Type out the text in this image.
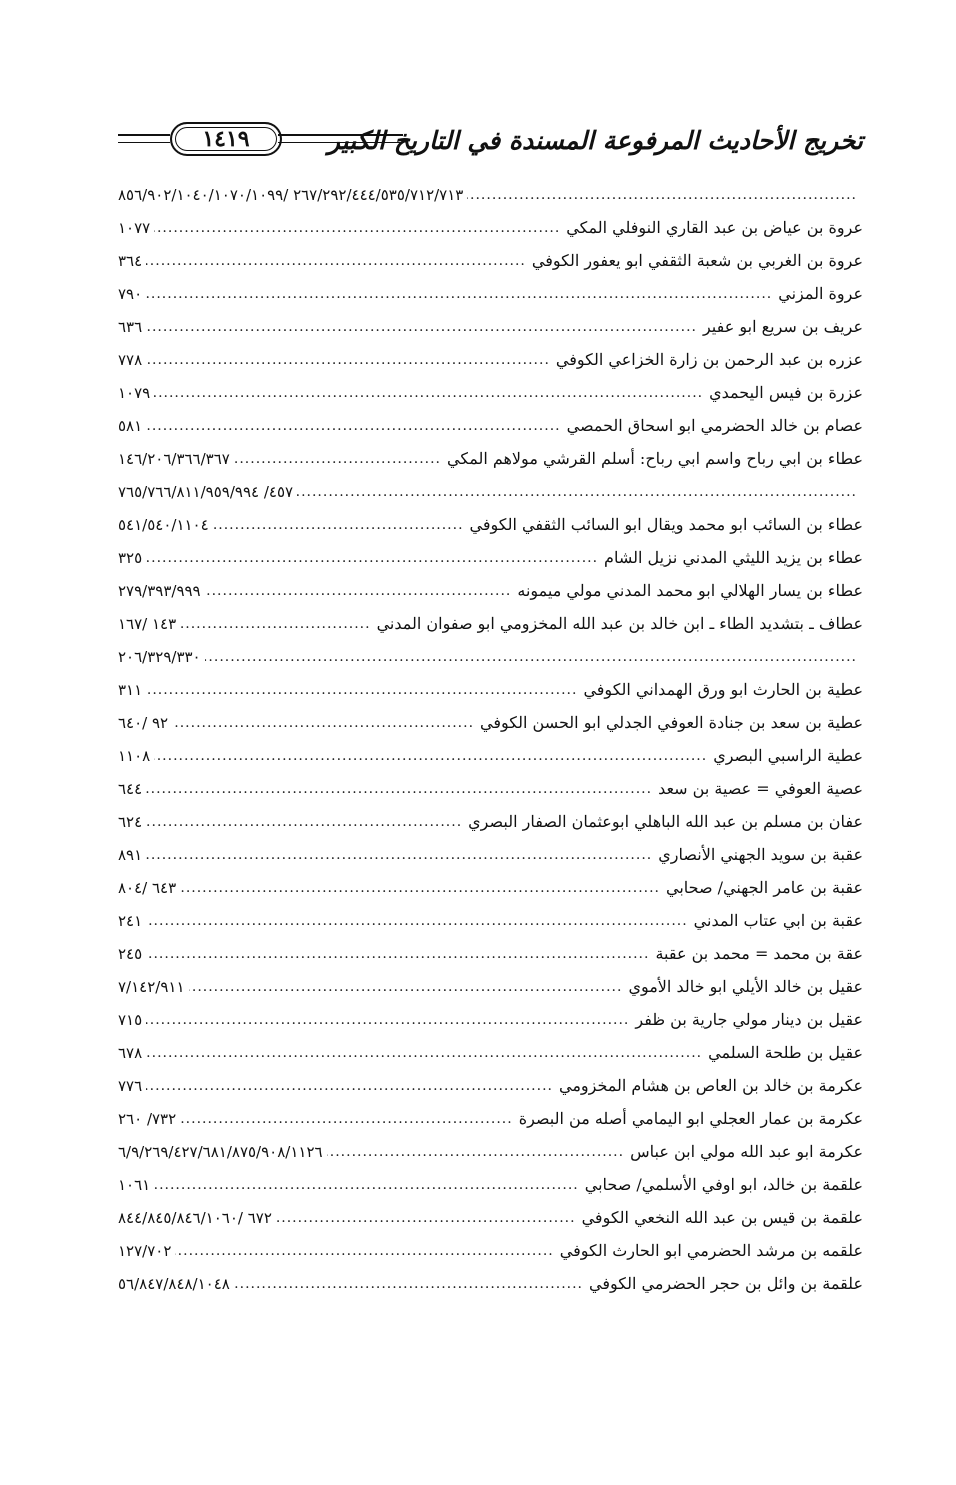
١٤١٩	تخريج الأحاديث المرفوعة المسندة في التاريخ الكبير
.....
٢٦٧/٢٩٢/٤٤٤/٥٣٥/٧١٢/٧١٣ /٨٥٦/٩٠٢/١٠٤٠/١٠٧٠/١٠٩٩
عروة بن عياض بن عبد القاري النوفلي المكي
.....
١٠٧٧
عروة بن الغربي بن شعبة الثقفي ابو يعفور الكوفي
.....
٣٦٤
عروة المزني
.....
٧٩٠
عريف بن سريع ابو عفير
.....
٦٣٦
عزره بن عبد الرحمن بن زارة الخزاعي الكوفي
.....
٧٧٨
عزرة بن فيس اليحمدي
.....
١٠٧٩
عصام بن خالد الحضرمي ابو اسحاق الحمصي
.....
٥٨١
عطاء بن ابي رباح واسم ابي رباح: أسلم القرشي مولاهم المكي
.....
١٤٦/٢٠٦/٣٦٦/٣٦٧
.....
٤٥٧/ ٧٦٥/٧٦٦/٨١١/٩٥٩/٩٩٤
عطاء بن السائب ابو محمد ويقال ابو السائب الثقفي الكوفي
.....
٥٤١/٥٤٠/١١٠٤
عطاء بن يزيد الليثي المدني نزيل الشام
.....
٣٢٥
عطاء بن يسار الهلالي ابو محمد المدني مولي ميمونه
.....
٢٧٩/٣٩٣/٩٩٩
عطاف ـ بتشديد الطاء ـ ابن خالد بن عبد الله المخزومي ابو صفوان المدني
.....
١٤٣ /١٦٧
.....
٢٠٦/٣٢٩/٣٣٠
عطية بن الحارث ابو ورق الهمداني الكوفي
.....
٣١١
عطية بن سعد بن جنادة العوفي الجدلي ابو الحسن الكوفي
.....
٩٢ /٦٤٠
عطية الراسبي البصري
.....
١١٠٨
عصية العوفي = عصية بن سعد
.....
٦٤٤
عفان بن مسلم بن عبد الله الباهلي ابوعثمان الصفار البصري
.....
٦٢٤
عقبة بن سويد الجهني الأنصاري
.....
٨٩١
عقبة بن عامر الجهني/ صحابي
.....
٦٤٣ /٨٠٤
عقبة بن ابي عتاب المدني
.....
٢٤١
عقة بن محمد = محمد بن عقبة
.....
٢٤٥
عقيل بن خالد الأيلي ابو خالد الأموي
.....
٧/١٤٢/٩١١
عقيل بن دينار مولي جارية بن ظفر
.....
٧١٥
عقيل بن طلحة السلمي
.....
٦٧٨
عكرمة بن خالد بن العاص بن هشام المخزومي
.....
٧٧٦
عكرمة بن عمار العجلي ابو اليمامي أصله من البصرة
.....
٧٣٢/ ٢٦٠
عكرمة ابو عبد الله مولي ابن عباس
.....
٦/٩/٢٦٩/٤٢٧/٦٨١/٨٧٥/٩٠٨/١١٢٦
علقمة بن خالد، ابو اوفي الأسلمي/ صحابي
.....
١٠٦١
علقمة بن قيس بن عبد الله النخعي الكوفي
.....
٦٧٢ /٨٤٤/٨٤٥/٨٤٦/١٠٦٠
علقمه بن مرشد الحضرمي ابو الحارث الكوفي
.....
١٢٧/٧٠٢
علقمة بن وائل بن حجر الحضرمي الكوفي
.....
٥٦/٨٤٧/٨٤٨/١٠٤٨
